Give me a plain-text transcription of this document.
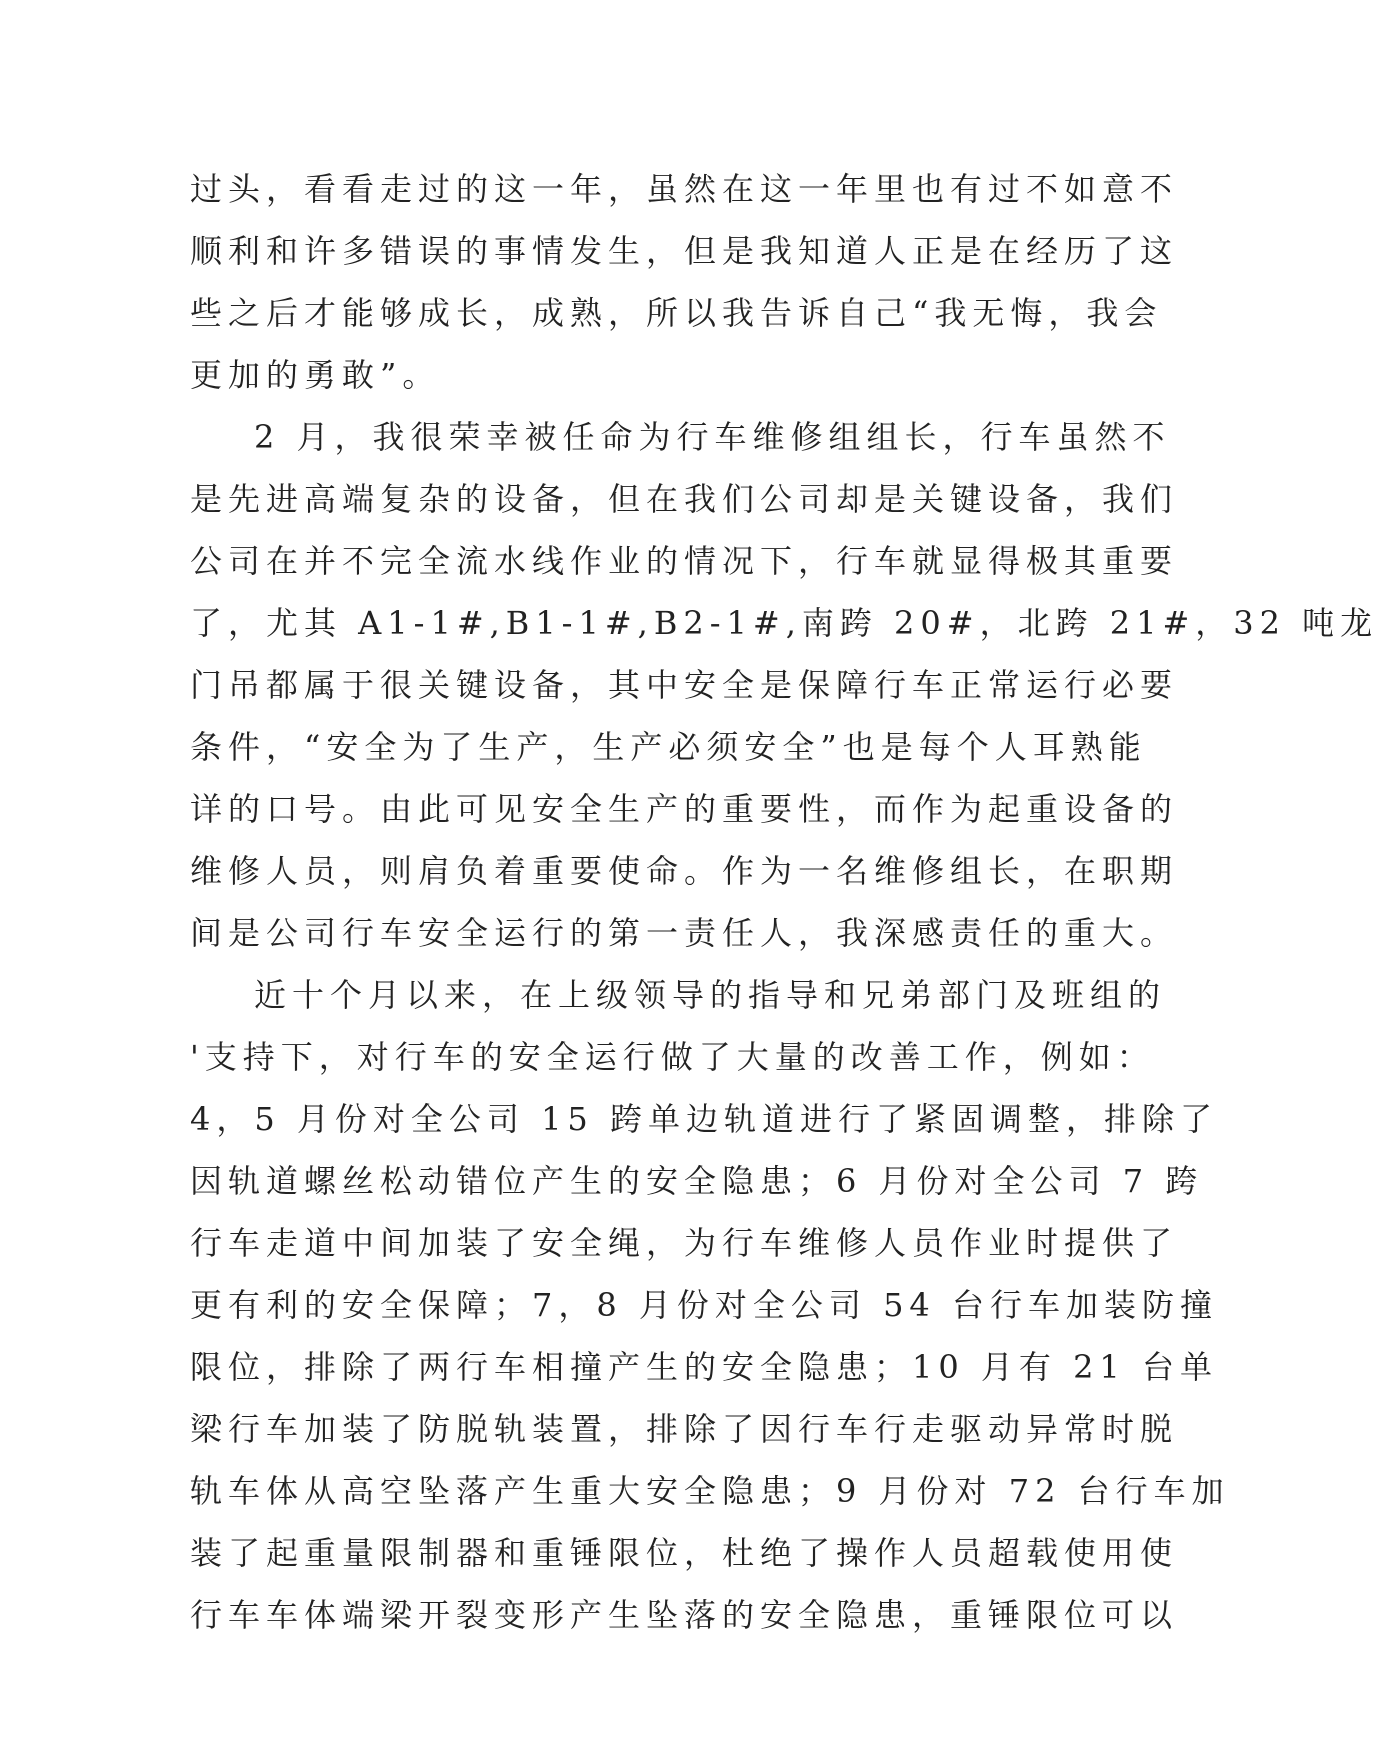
过头，看看走过的这一年，虽然在这一年里也有过不如意不
顺利和许多错误的事情发生，但是我知道人正是在经历了这
些之后才能够成长，成熟，所以我告诉自己“我无悔，我会
更加的勇敢”。
2 月，我很荣幸被任命为行车维修组组长，行车虽然不
是先进高端复杂的设备，但在我们公司却是关键设备，我们
公司在并不完全流水线作业的情况下，行车就显得极其重要
了，尤其 A1-1#,B1-1#,B2-1#,南跨 20#，北跨 21#，32 吨龙
门吊都属于很关键设备，其中安全是保障行车正常运行必要
条件，“安全为了生产，生产必须安全”也是每个人耳熟能
详的口号。由此可见安全生产的重要性，而作为起重设备的
维修人员，则肩负着重要使命。作为一名维修组长，在职期
间是公司行车安全运行的第一责任人，我深感责任的重大。
近十个月以来，在上级领导的指导和兄弟部门及班组的
'支持下，对行车的安全运行做了大量的改善工作，例如：
4，5 月份对全公司 15 跨单边轨道进行了紧固调整，排除了
因轨道螺丝松动错位产生的安全隐患；6 月份对全公司 7 跨
行车走道中间加装了安全绳，为行车维修人员作业时提供了
更有利的安全保障；7，8 月份对全公司 54 台行车加装防撞
限位，排除了两行车相撞产生的安全隐患；10 月有 21 台单
梁行车加装了防脱轨装置，排除了因行车行走驱动异常时脱
轨车体从高空坠落产生重大安全隐患；9 月份对 72 台行车加
装了起重量限制器和重锤限位，杜绝了操作人员超载使用使
行车车体端梁开裂变形产生坠落的安全隐患，重锤限位可以
